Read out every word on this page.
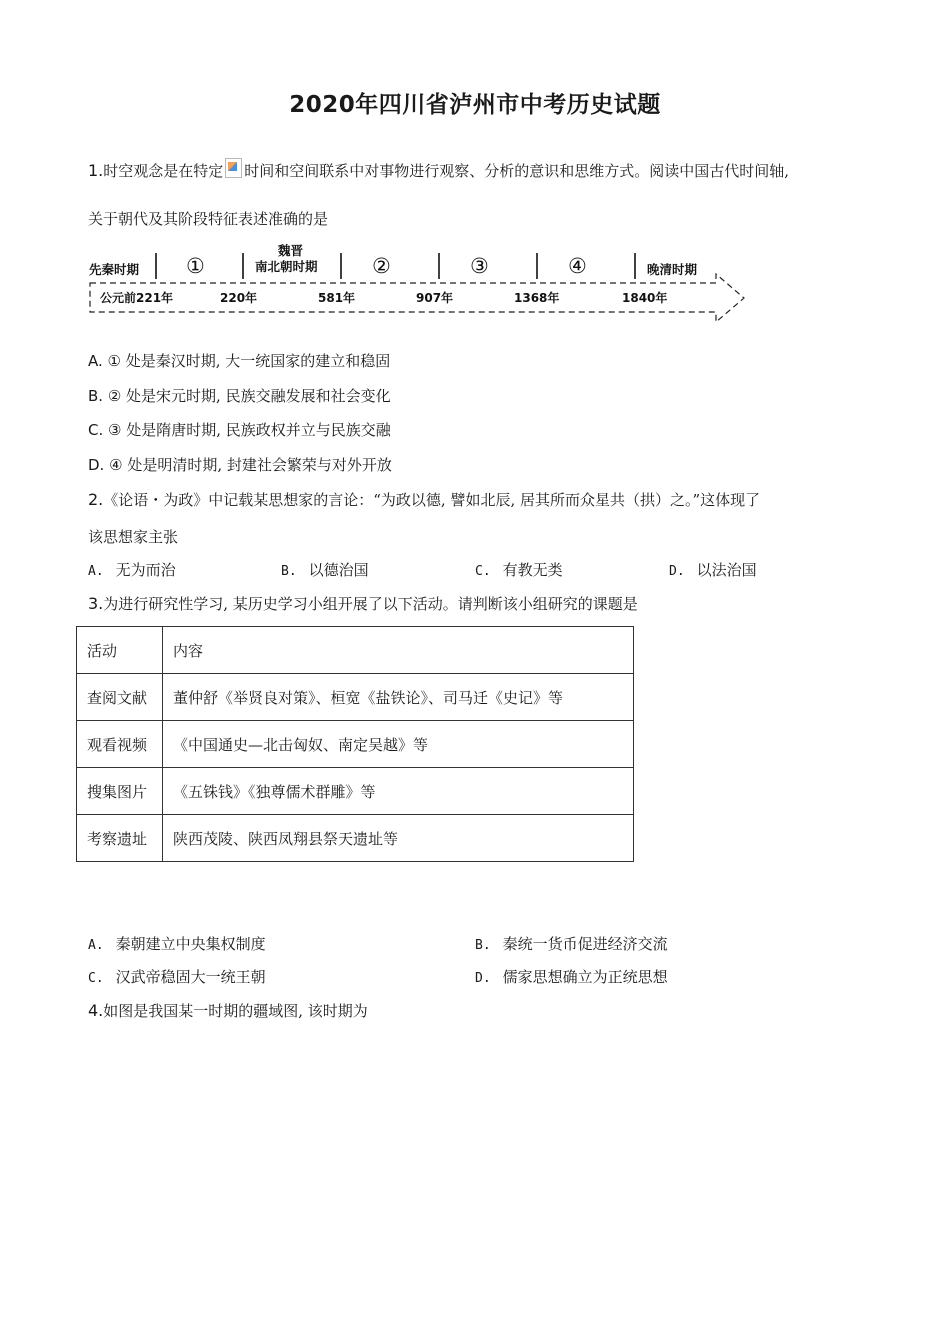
2020年四川省泸州市中考历史试题
1.时空观念是在特定 时间和空间联系中对事物进行观察、分析的意识和思维方式。阅读中国古代时间轴,
关于朝代及其阶段特征表述准确的是
先秦时期 ①
魏晋
南北朝时期	②	③	④	晚清时期
公元前221年	220年	581年	907年	1368年	1840年
A. ① 处是秦汉时期, 大一统国家的建立和稳固
B. ② 处是宋元时期, 民族交融发展和社会变化
C. ③ 处是隋唐时期, 民族政权并立与民族交融
D. ④ 处是明清时期, 封建社会繁荣与对外开放
2.《论语・为政》中记载某思想家的言论：“为政以德, 譬如北辰, 居其所而众星共（拱）之。”这体现了
该思想家主张
A. 无为而治	B. 以德治国	C. 有教无类	D. 以法治国
3.为进行研究性学习, 某历史学习小组开展了以下活动。请判断该小组研究的课题是
活动	内容
查阅文献	董仲舒《举贤良对策》、桓宽《盐铁论》、司马迁《史记》等
观看视频	《中国通史—北击匈奴、南定吴越》等
搜集图片	《五铢钱》《独尊儒术群雕》等
考察遗址	陕西茂陵、陕西凤翔县祭天遗址等
A. 秦朝建立中央集权制度	B. 秦统一货币促进经济交流
C. 汉武帝稳固大一统王朝	D. 儒家思想确立为正统思想
4.如图是我国某一时期的疆域图, 该时期为
